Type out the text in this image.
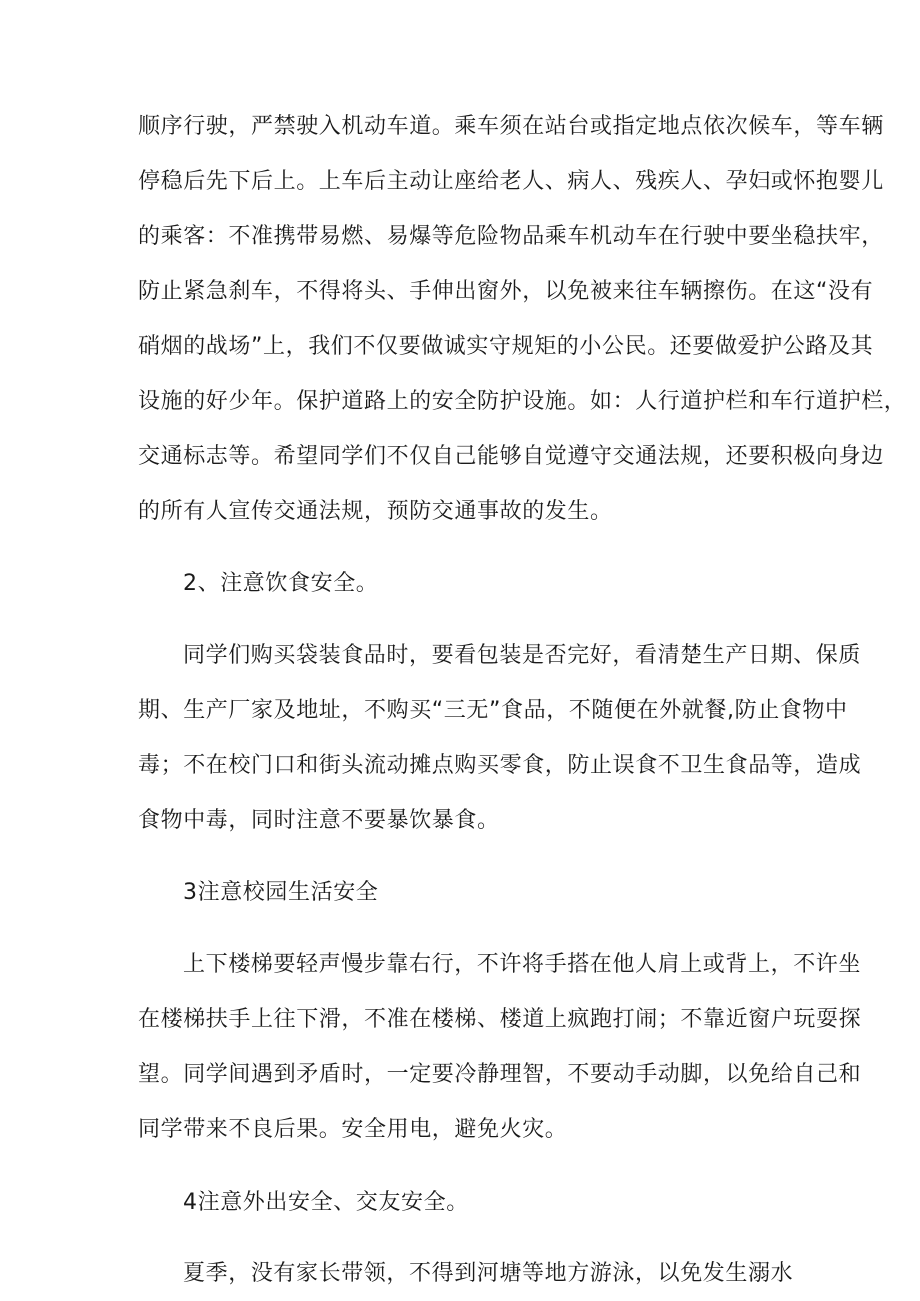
顺序行驶，严禁驶入机动车道。乘车须在站台或指定地点依次候车，等车辆
停稳后先下后上。上车后主动让座给老人、病人、残疾人、孕妇或怀抱婴儿
的乘客：不准携带易燃、易爆等危险物品乘车机动车在行驶中要坐稳扶牢，
防止紧急刹车，不得将头、手伸出窗外，以免被来往车辆擦伤。在这“没有
硝烟的战场”上，我们不仅要做诚实守规矩的小公民。还要做爱护公路及其
设施的好少年。保护道路上的安全防护设施。如：人行道护栏和车行道护栏，
交通标志等。希望同学们不仅自己能够自觉遵守交通法规，还要积极向身边
的所有人宣传交通法规，预防交通事故的发生。
2、注意饮食安全。
同学们购买袋装食品时，要看包装是否完好，看清楚生产日期、保质
期、生产厂家及地址，不购买“三无”食品，不随便在外就餐,防止食物中
毒；不在校门口和街头流动摊点购买零食，防止误食不卫生食品等，造成
食物中毒，同时注意不要暴饮暴食。
3注意校园生活安全
上下楼梯要轻声慢步靠右行，不许将手搭在他人肩上或背上，不许坐
在楼梯扶手上往下滑，不准在楼梯、楼道上疯跑打闹；不靠近窗户玩耍探
望。同学间遇到矛盾时，一定要冷静理智，不要动手动脚，以免给自己和
同学带来不良后果。安全用电，避免火灾。
4注意外出安全、交友安全。
夏季，没有家长带领，不得到河塘等地方游泳，以免发生溺水
